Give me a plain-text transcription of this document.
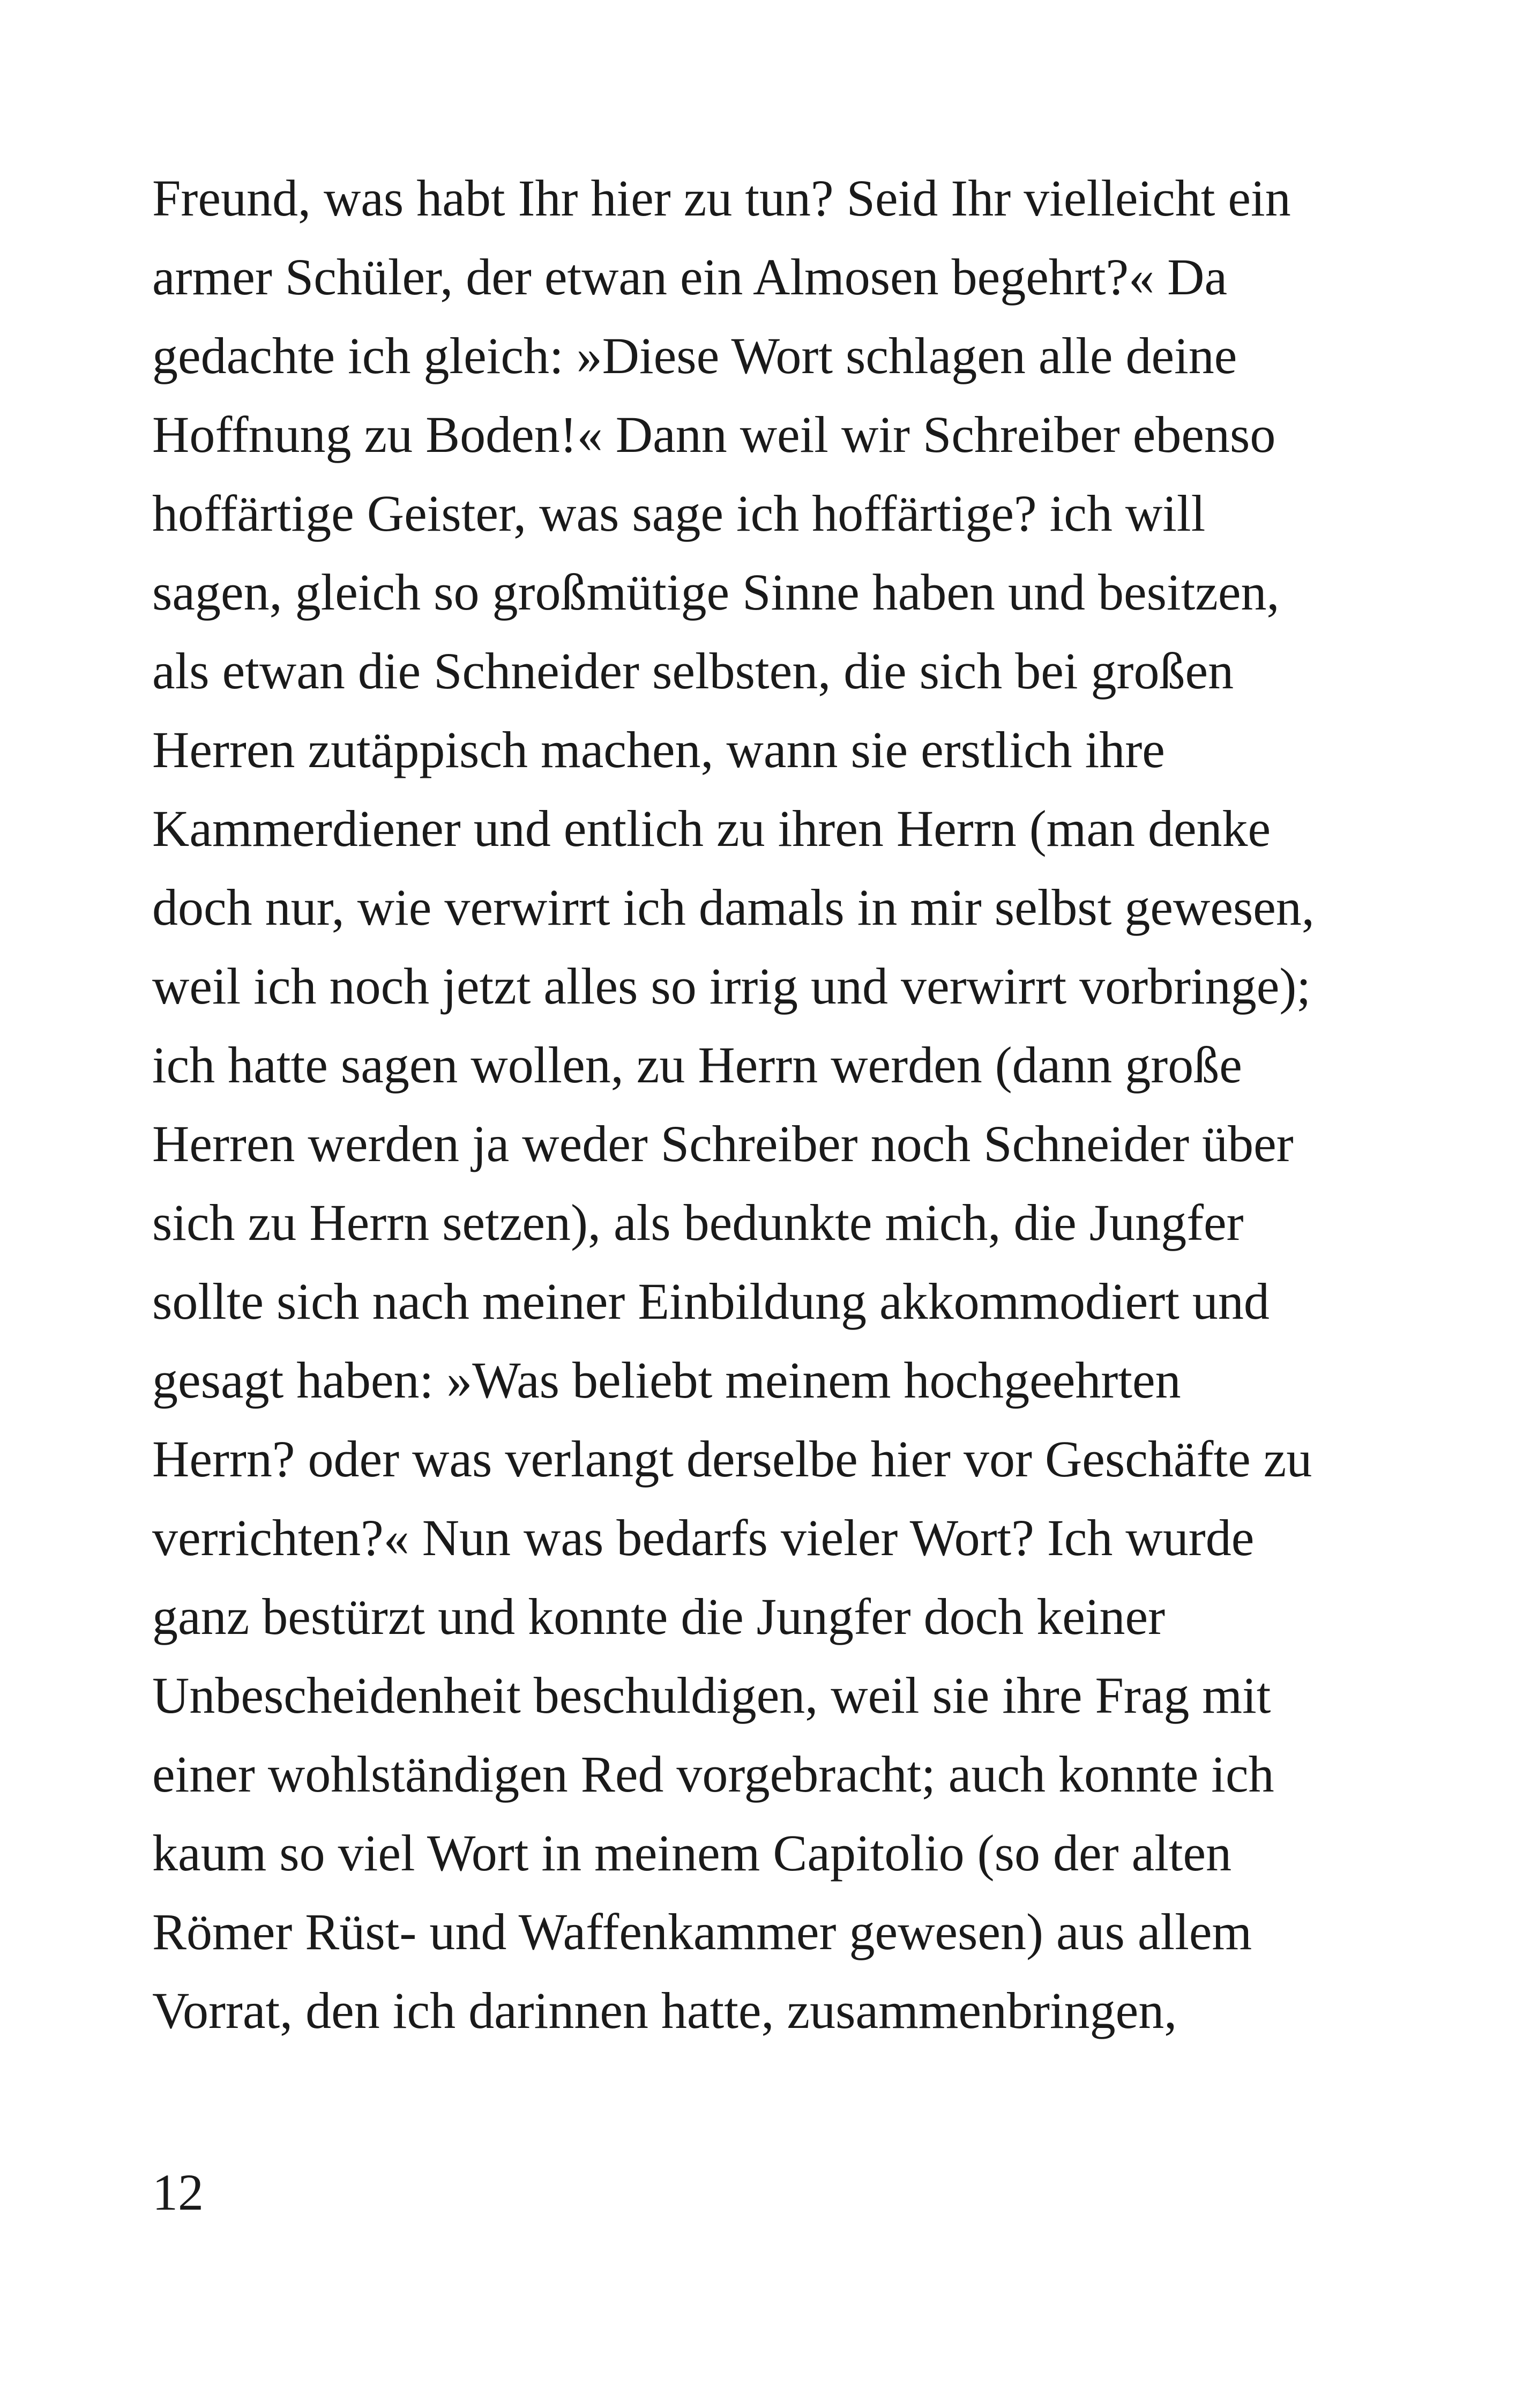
Freund, was habt Ihr hier zu tun? Seid Ihr vielleicht ein
armer Schüler, der etwan ein Almosen begehrt?« Da
gedachte ich gleich: »Diese Wort schlagen alle deine
Hoffnung zu Boden!« Dann weil wir Schreiber ebenso
hoffärtige Geister, was sage ich hoffärtige? ich will
sagen, gleich so großmütige Sinne haben und besitzen,
als etwan die Schneider selbsten, die sich bei großen
Herren zutäppisch machen, wann sie erstlich ihre
Kammerdiener und entlich zu ihren Herrn (man denke
doch nur, wie verwirrt ich damals in mir selbst gewesen,
weil ich noch jetzt alles so irrig und verwirrt vorbringe);
ich hatte sagen wollen, zu Herrn werden (dann große
Herren werden ja weder Schreiber noch Schneider über
sich zu Herrn setzen), als bedunkte mich, die Jungfer
sollte sich nach meiner Einbildung akkommodiert und
gesagt haben: »Was beliebt meinem hochgeehrten
Herrn? oder was verlangt derselbe hier vor Geschäfte zu
verrichten?« Nun was bedarfs vieler Wort? Ich wurde
ganz bestürzt und konnte die Jungfer doch keiner
Unbescheidenheit beschuldigen, weil sie ihre Frag mit
einer wohlständigen Red vorgebracht; auch konnte ich
kaum so viel Wort in meinem Capitolio (so der alten
Römer Rüst- und Waffenkammer gewesen) aus allem
Vorrat, den ich darinnen hatte, zusammenbringen,
12
